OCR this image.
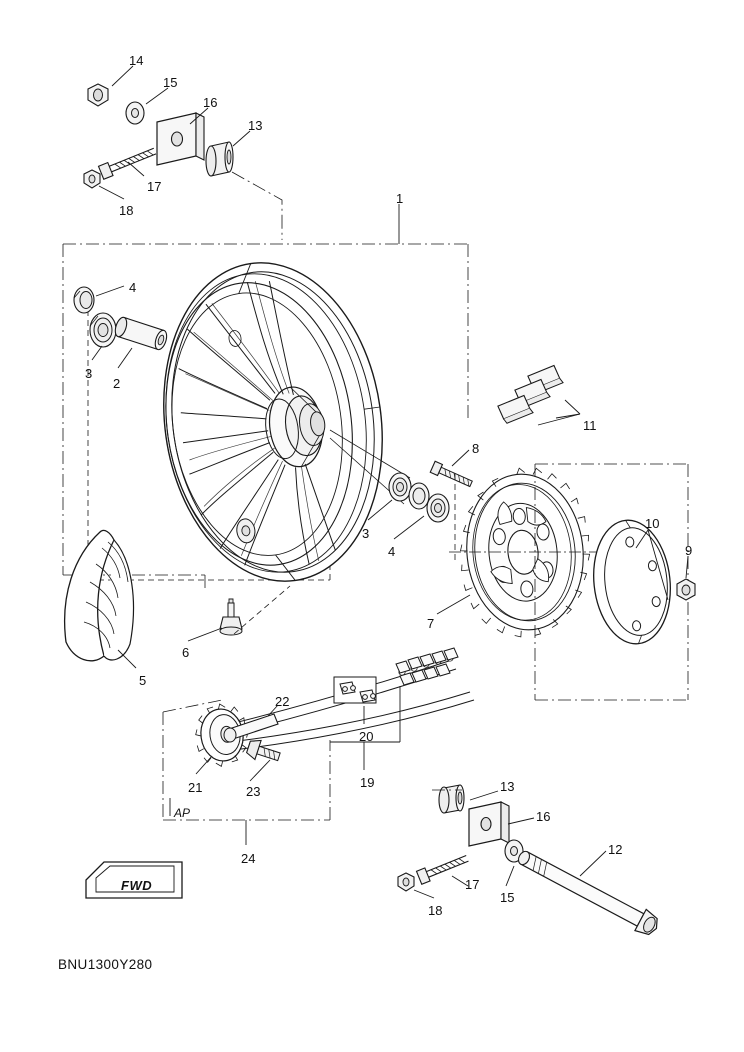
14
15
16
13
17
18
1
4
3
2
11
8
3
4
10
9
5
6
7
22
20
19
21	23
24
13
16
12
15
17
18
AP
FWD
BNU1300Y280
